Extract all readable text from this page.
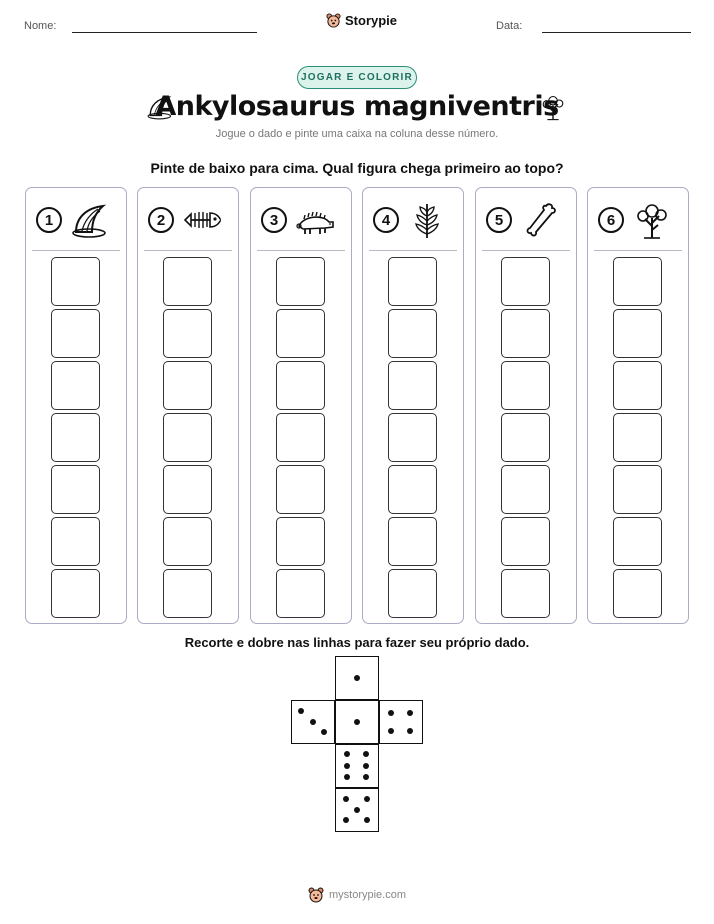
Nome:	Storypie	Data:
JOGAR E COLORIR
Ankylosaurus magniventris
Jogue o dado e pinte uma caixa na coluna desse número.
Pinte de baixo para cima. Qual figura chega primeiro ao topo?
1	2	3	4	5	6
Recorte e dobre nas linhas para fazer seu próprio dado.
mystorypie.com
